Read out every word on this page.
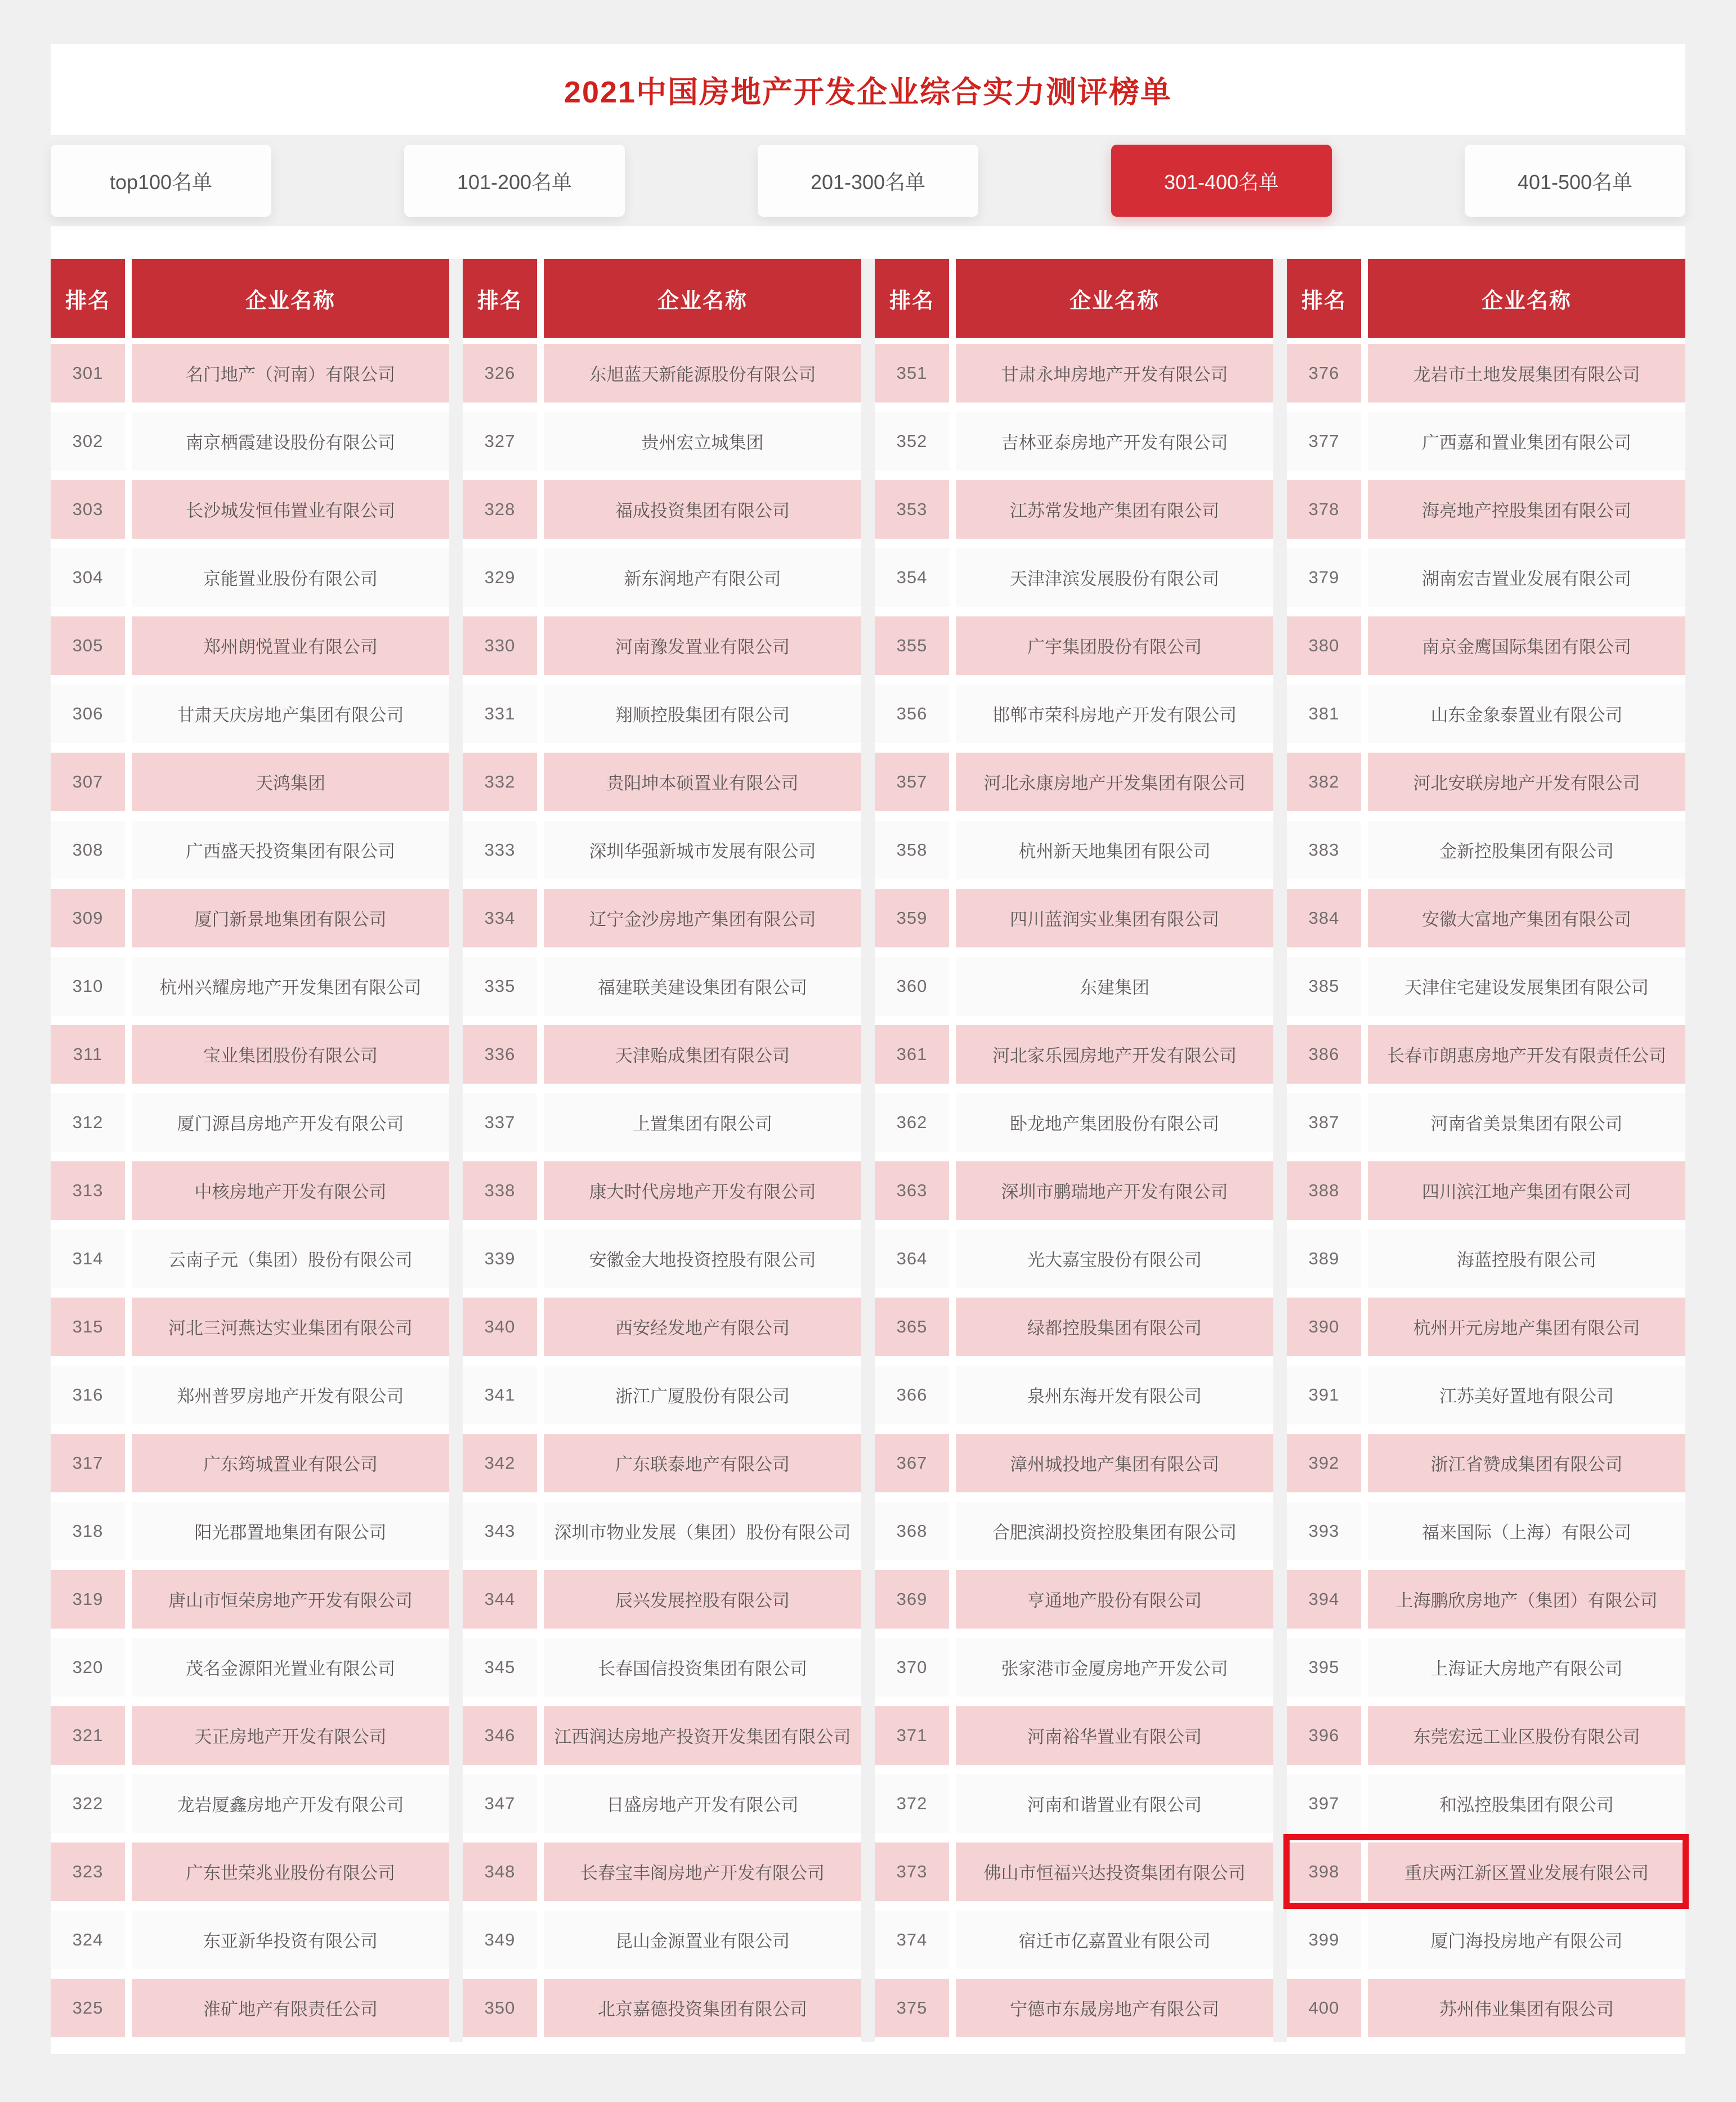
2021中国房地产开发企业综合实力测评榜单
top100名单	101-200名单	201-300名单	301-400名单	401-500名单
排名	企业名称
301	名门地产（河南）有限公司
302	南京栖霞建设股份有限公司
303	长沙城发恒伟置业有限公司
304	京能置业股份有限公司
305	郑州朗悦置业有限公司
306	甘肃天庆房地产集团有限公司
307	天鸿集团
308	广西盛天投资集团有限公司
309	厦门新景地集团有限公司
310	杭州兴耀房地产开发集团有限公司
311	宝业集团股份有限公司
312	厦门源昌房地产开发有限公司
313	中核房地产开发有限公司
314	云南子元（集团）股份有限公司
315	河北三河燕达实业集团有限公司
316	郑州普罗房地产开发有限公司
317	广东筠城置业有限公司
318	阳光郡置地集团有限公司
319	唐山市恒荣房地产开发有限公司
320	茂名金源阳光置业有限公司
321	天正房地产开发有限公司
322	龙岩厦鑫房地产开发有限公司
323	广东世荣兆业股份有限公司
324	东亚新华投资有限公司
325	淮矿地产有限责任公司
排名	企业名称
326	东旭蓝天新能源股份有限公司
327	贵州宏立城集团
328	福成投资集团有限公司
329	新东润地产有限公司
330	河南豫发置业有限公司
331	翔顺控股集团有限公司
332	贵阳坤本硕置业有限公司
333	深圳华强新城市发展有限公司
334	辽宁金沙房地产集团有限公司
335	福建联美建设集团有限公司
336	天津贻成集团有限公司
337	上置集团有限公司
338	康大时代房地产开发有限公司
339	安徽金大地投资控股有限公司
340	西安经发地产有限公司
341	浙江广厦股份有限公司
342	广东联泰地产有限公司
343	深圳市物业发展（集团）股份有限公司
344	辰兴发展控股有限公司
345	长春国信投资集团有限公司
346	江西润达房地产投资开发集团有限公司
347	日盛房地产开发有限公司
348	长春宝丰阁房地产开发有限公司
349	昆山金源置业有限公司
350	北京嘉德投资集团有限公司
排名	企业名称
351	甘肃永坤房地产开发有限公司
352	吉林亚泰房地产开发有限公司
353	江苏常发地产集团有限公司
354	天津津滨发展股份有限公司
355	广宇集团股份有限公司
356	邯郸市荣科房地产开发有限公司
357	河北永康房地产开发集团有限公司
358	杭州新天地集团有限公司
359	四川蓝润实业集团有限公司
360	东建集团
361	河北家乐园房地产开发有限公司
362	卧龙地产集团股份有限公司
363	深圳市鹏瑞地产开发有限公司
364	光大嘉宝股份有限公司
365	绿都控股集团有限公司
366	泉州东海开发有限公司
367	漳州城投地产集团有限公司
368	合肥滨湖投资控股集团有限公司
369	亨通地产股份有限公司
370	张家港市金厦房地产开发公司
371	河南裕华置业有限公司
372	河南和谐置业有限公司
373	佛山市恒福兴达投资集团有限公司
374	宿迁市亿嘉置业有限公司
375	宁德市东晟房地产有限公司
排名	企业名称
376	龙岩市土地发展集团有限公司
377	广西嘉和置业集团有限公司
378	海亮地产控股集团有限公司
379	湖南宏吉置业发展有限公司
380	南京金鹰国际集团有限公司
381	山东金象泰置业有限公司
382	河北安联房地产开发有限公司
383	金新控股集团有限公司
384	安徽大富地产集团有限公司
385	天津住宅建设发展集团有限公司
386	长春市朗惠房地产开发有限责任公司
387	河南省美景集团有限公司
388	四川滨江地产集团有限公司
389	海蓝控股有限公司
390	杭州开元房地产集团有限公司
391	江苏美好置地有限公司
392	浙江省赞成集团有限公司
393	福来国际（上海）有限公司
394	上海鹏欣房地产（集团）有限公司
395	上海证大房地产有限公司
396	东莞宏远工业区股份有限公司
397	和泓控股集团有限公司
398	重庆两江新区置业发展有限公司
399	厦门海投房地产有限公司
400	苏州伟业集团有限公司
